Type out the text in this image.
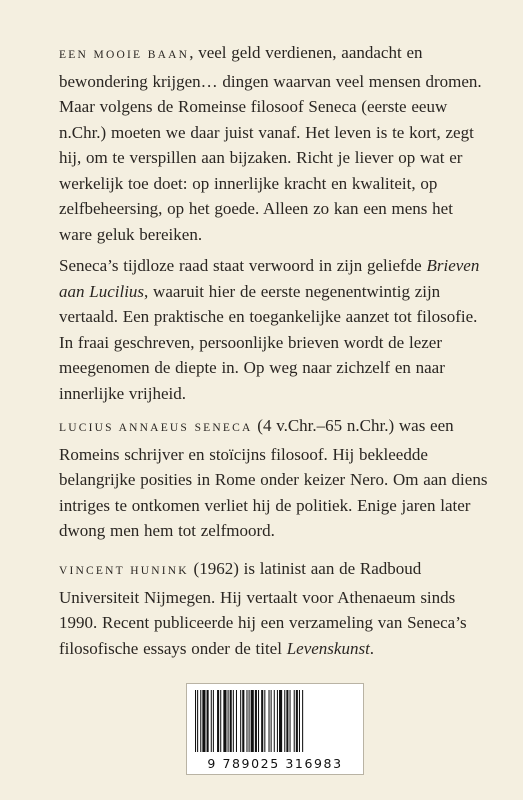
EEN MOOIE BAAN, veel geld verdienen, aandacht en bewondering krijgen… dingen waarvan veel mensen dromen. Maar volgens de Romeinse filosoof Seneca (eerste eeuw n.Chr.) moeten we daar juist vanaf. Het leven is te kort, zegt hij, om te verspillen aan bijzaken. Richt je liever op wat er werkelijk toe doet: op innerlijke kracht en kwaliteit, op zelfbeheersing, op het goede. Alleen zo kan een mens het ware geluk bereiken.

Seneca’s tijdloze raad staat verwoord in zijn geliefde Brieven aan Lucilius, waaruit hier de eerste negenentwintig zijn vertaald. Een praktische en toegankelijke aanzet tot filosofie. In fraai geschreven, persoonlijke brieven wordt de lezer meegenomen de diepte in. Op weg naar zichzelf en naar innerlijke vrijheid.

LUCIUS ANNAEUS SENECA (4 v.Chr.–65 n.Chr.) was een Romeins schrijver en stoïcijns filosoof. Hij bekleedde belangrijke posities in Rome onder keizer Nero. Om aan diens intriges te ontkomen verliet hij de politiek. Enige jaren later dwong men hem tot zelfmoord.

VINCENT HUNINK (1962) is latinist aan de Radboud Universiteit Nijmegen. Hij vertaalt voor Athenaeum sinds 1990. Recent publiceerde hij een verzameling van Seneca’s filosofische essays onder de titel Levenskunst.

9 789025 316983
